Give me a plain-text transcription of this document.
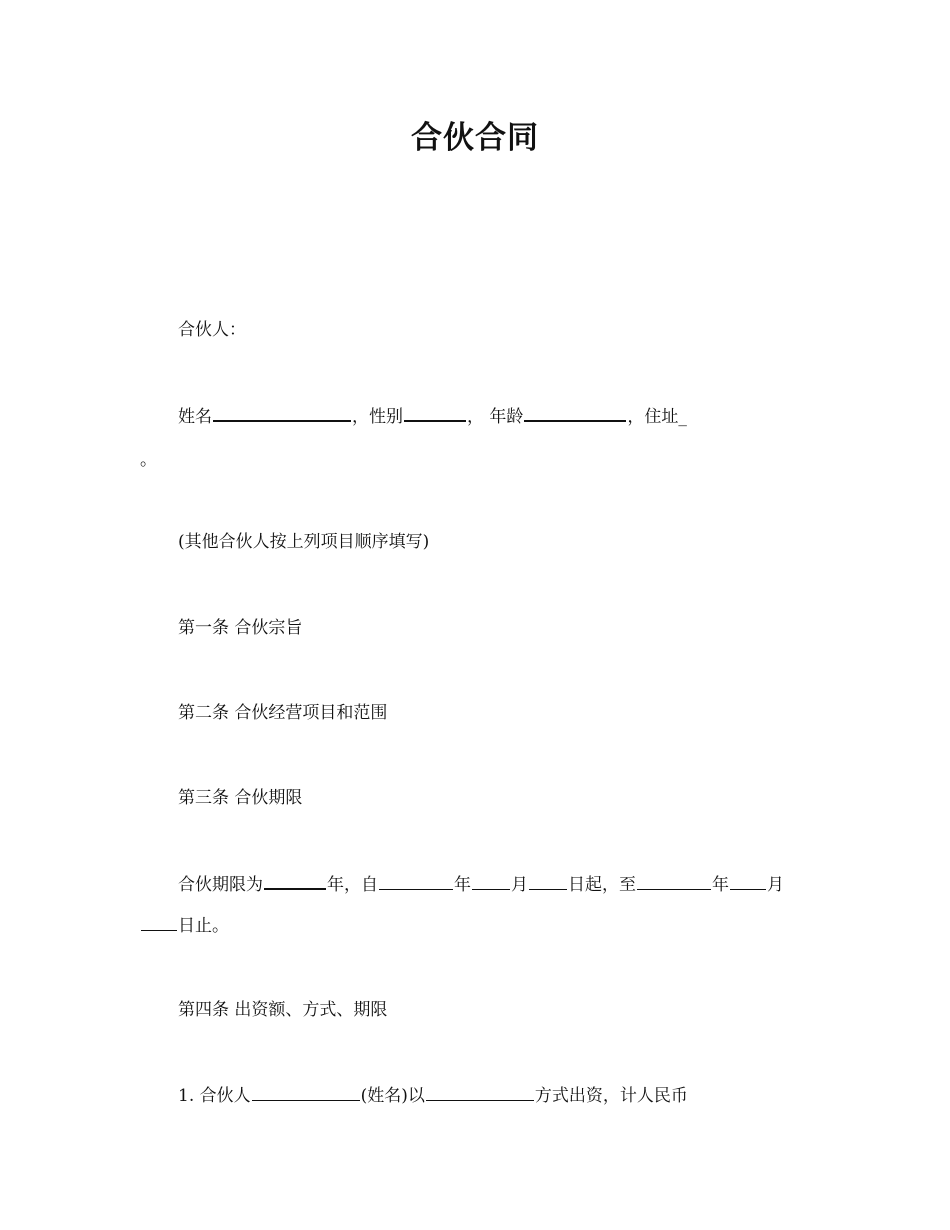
合伙合同
合伙人：
姓名	，性别	， 年龄	，住址_
。
(其他合伙人按上列项目顺序填写)
第一条 合伙宗旨
第二条 合伙经营项目和范围
第三条 合伙期限
合伙期限为	年，自	年 月 日起，至	年 月
日止。
第四条 出资额、方式、期限
1. 合伙人	(姓名)以	方式出资，计人民币
